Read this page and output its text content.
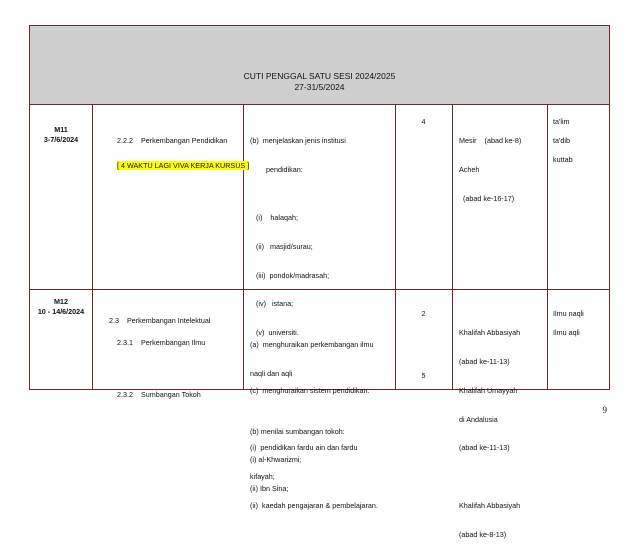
CUTI PENGGAL SATU SESI 2024/2025
27-31/5/2024
M11
3-7/6/2024

	2.2.2    Perkembangan Pendidikan

[ 4 WAKTU LAGI VIVA KERJA KURSUS ]

(b)  menjelaskan jenis institusi

pendidikan:

(i)    halaqah;

(ii)   masjid/surau;

(iii)  pondok/madrasah;

(iv)   istana;

(v)  universiti.

(c)  menghuraikan sistem pendidikan:

(i)  pendidikan fardu ain dan fardu

kifayah;

(ii)  kaedah pengajaran & pembelajaran.

4

Mesir    (abad ke-8)

Acheh

(abad ke-16-17)

ta'lim
ta'dib
kuttab
M12
10 - 14/6/2024

2.3    Perkembangan Intelektual

2.3.1    Perkembangan Ilmu

2.3.2    Sumbangan Tokoh

(a)  menghuraikan perkembangan ilmu

naqli dan aqli

(b) menilai sumbangan tokoh:

(i) al-Khwarizmi;

(ii) Ibn Sina;

2
5

Khalifah Abbasiyah

(abad ke-11-13)

Khalifah Umayyah

di Andalusia

(abad ke-11-13)

Khalifah Abbasiyah

(abad ke-8-13)

Ilmu naqli
Ilmu aqli
9
